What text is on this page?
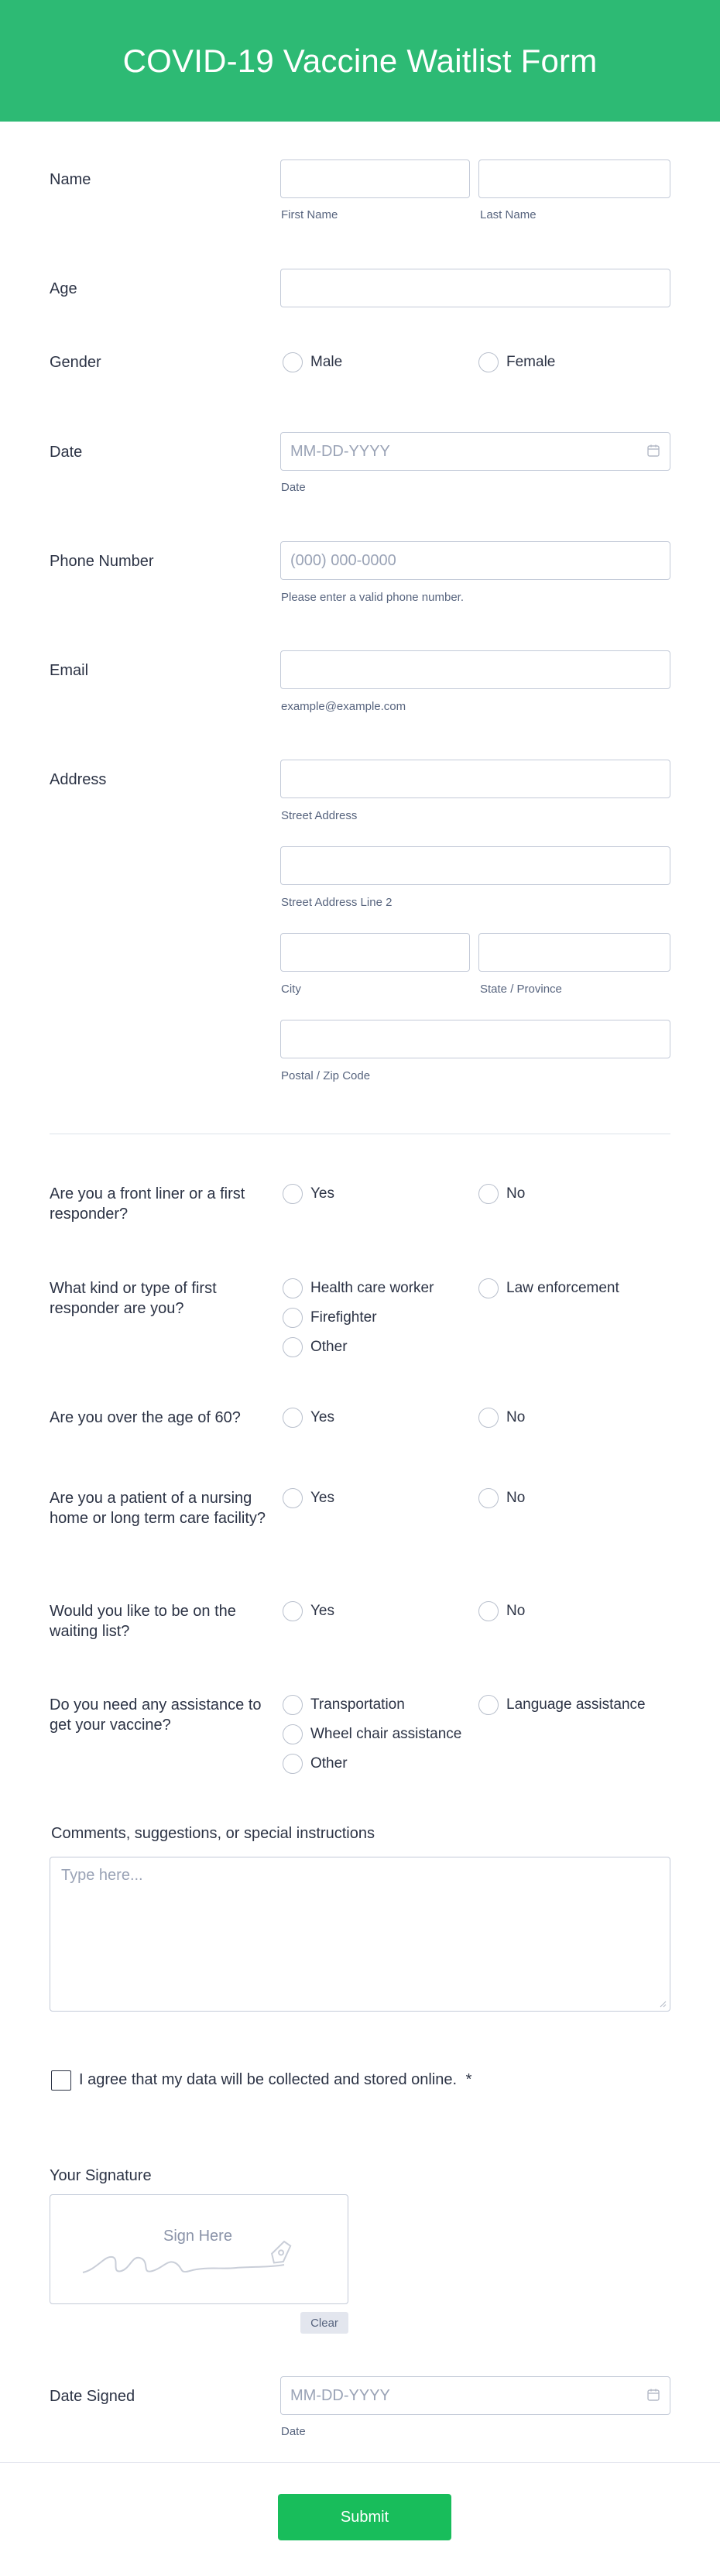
COVID-19 Vaccine Waitlist Form
Name
First Name	Last Name
Age
Gender	Male	Female
Date	MM-DD-YYYY
Date
Phone Number	(000) 000-0000
Please enter a valid phone number.
Email
example@example.com
Address
Street Address
Street Address Line 2
City	State / Province
Postal / Zip Code
Are you a front liner or a first responder?
Yes	No
What kind or type of first responder are you?
Health care worker	Law enforcement
Firefighter
Other
Are you over the age of 60?	Yes	No
Are you a patient of a nursing home or long term care facility?
Yes	No
Would you like to be on the waiting list?
Yes	No
Do you need any assistance to get your vaccine?
Transportation	Language assistance
Wheel chair assistance
Other
Comments, suggestions, or special instructions
Type here...
I agree that my data will be collected and stored online. *
Your Signature
Sign Here
Clear
Date Signed	MM-DD-YYYY
Date
Submit
